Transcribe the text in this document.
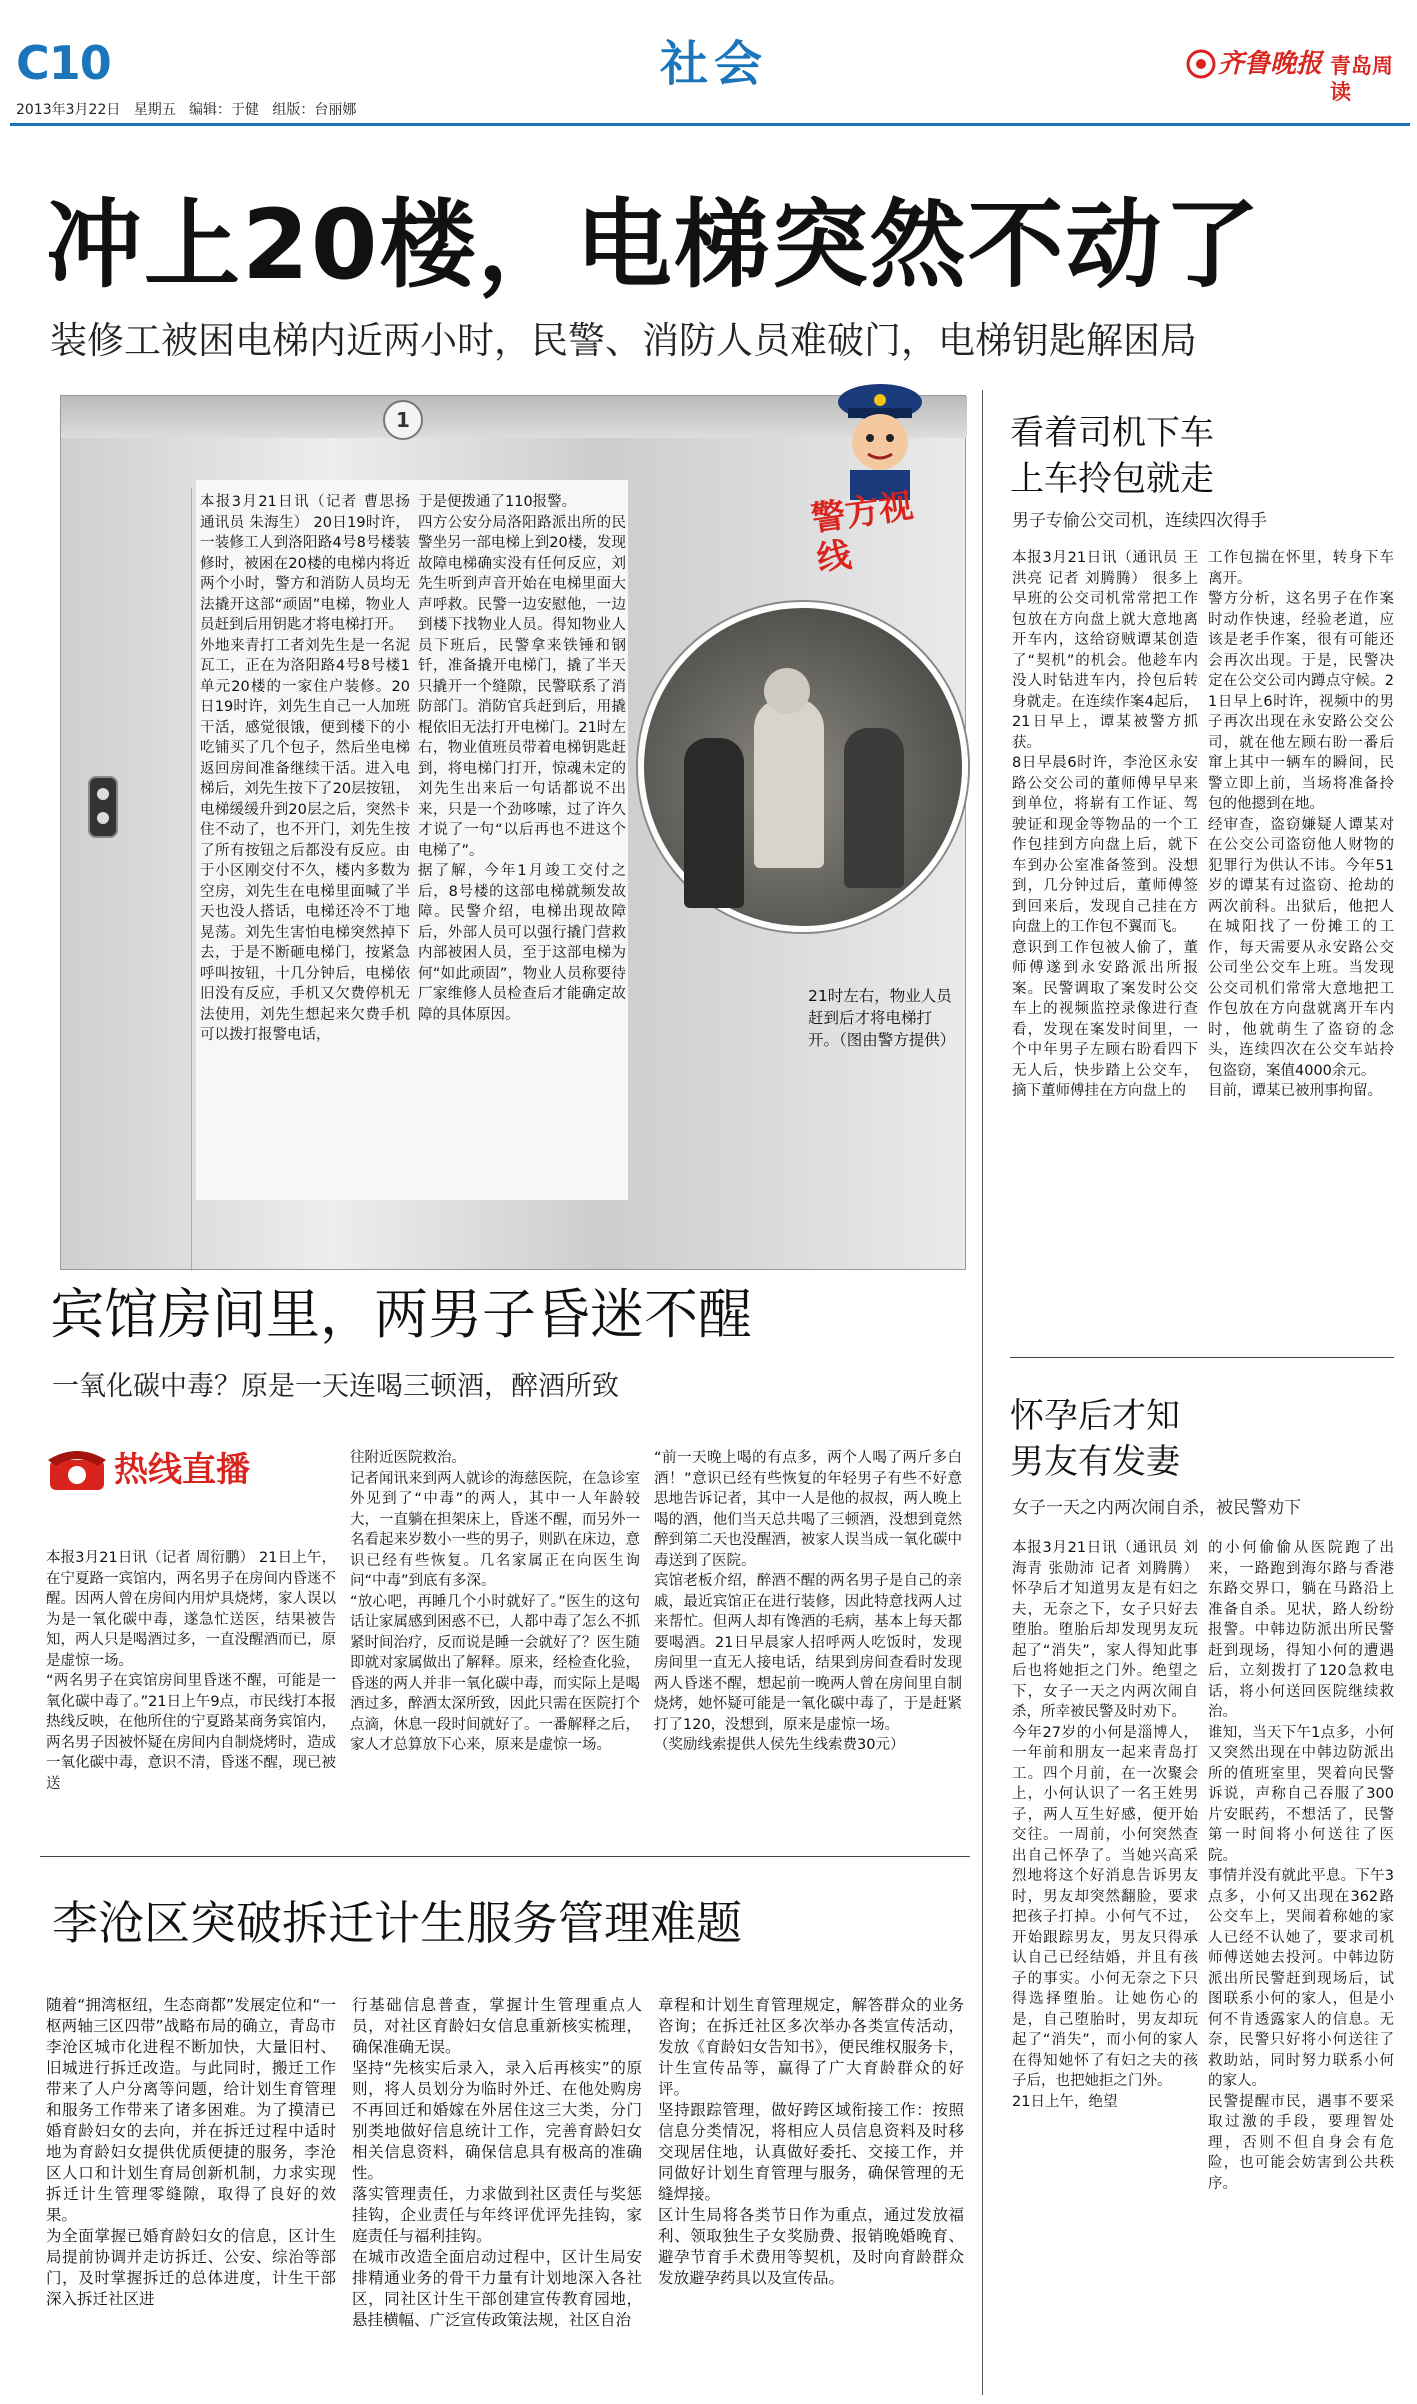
C10
2013年3月22日   星期五   编辑：于健   组版：台丽娜
社会	齐鲁晚报 青岛周读
冲上20楼，电梯突然不动了
装修工被困电梯内近两小时，民警、消防人员难破门，电梯钥匙解困局
1
本报3月21日讯（记者 曹思扬 通讯员 朱海生） 20日19时许，一装修工人到洛阳路4号8号楼装修时，被困在20楼的电梯内将近两个小时，警方和消防人员均无法撬开这部“顽固”电梯，物业人员赶到后用钥匙才将电梯打开。
外地来青打工者刘先生是一名泥瓦工，正在为洛阳路4号8号楼1单元20楼的一家住户装修。20日19时许，刘先生自己一人加班干活，感觉很饿，便到楼下的小吃铺买了几个包子，然后坐电梯返回房间准备继续干活。进入电梯后，刘先生按下了20层按钮，电梯缓缓升到20层之后，突然卡住不动了，也不开门，刘先生按了所有按钮之后都没有反应。由于小区刚交付不久，楼内多数为空房，刘先生在电梯里面喊了半天也没人搭话，电梯还冷不丁地晃荡。刘先生害怕电梯突然掉下去，于是不断砸电梯门，按紧急呼叫按钮，十几分钟后，电梯依旧没有反应，手机又欠费停机无法使用，刘先生想起来欠费手机可以拨打报警电话，
于是便拨通了110报警。
四方公安分局洛阳路派出所的民警坐另一部电梯上到20楼，发现故障电梯确实没有任何反应，刘先生听到声音开始在电梯里面大声呼救。民警一边安慰他，一边到楼下找物业人员。得知物业人员下班后，民警拿来铁锤和钢钎，准备撬开电梯门，撬了半天只撬开一个缝隙，民警联系了消防部门。消防官兵赶到后，用撬棍依旧无法打开电梯门。21时左右，物业值班员带着电梯钥匙赶到，将电梯门打开，惊魂未定的刘先生出来后一句话都说不出来，只是一个劲哆嗦，过了许久才说了一句“以后再也不进这个电梯了”。
据了解，今年1月竣工交付之后，8号楼的这部电梯就频发故障。民警介绍，电梯出现故障后，外部人员可以强行撬门营救内部被困人员，至于这部电梯为何“如此顽固”，物业人员称要待厂家维修人员检查后才能确定故障的具体原因。
警方视线
21时左右，物业人员赶到后才将电梯打开。（图由警方提供）
看着司机下车
上车拎包就走
男子专偷公交司机，连续四次得手
本报3月21日讯（通讯员 王洪亮 记者 刘腾腾） 很多上早班的公交司机常常把工作包放在方向盘上就大意地离开车内，这给窃贼谭某创造了“契机”的机会。他趁车内没人时钻进车内，拎包后转身就走。在连续作案4起后，21日早上，谭某被警方抓获。
8日早晨6时许，李沧区永安路公交公司的董师傅早早来到单位，将崭有工作证、驾驶证和现金等物品的一个工作包挂到方向盘上后，就下车到办公室准备签到。没想到，几分钟过后，董师傅签到回来后，发现自己挂在方向盘上的工作包不翼而飞。
意识到工作包被人偷了，董师傅遂到永安路派出所报案。民警调取了案发时公交车上的视频监控录像进行查看，发现在案发时间里，一个中年男子左顾右盼看四下无人后，快步踏上公交车，摘下董师傅挂在方向盘上的
工作包揣在怀里，转身下车离开。
警方分析，这名男子在作案时动作快速，经验老道，应该是老手作案，很有可能还会再次出现。于是，民警决定在公交公司内蹲点守候。21日早上6时许，视频中的男子再次出现在永安路公交公司，就在他左顾右盼一番后窜上其中一辆车的瞬间，民警立即上前，当场将准备拎包的他摁到在地。
经审查，盗窃嫌疑人谭某对在公交公司盗窃他人财物的犯罪行为供认不讳。今年51岁的谭某有过盗窃、抢劫的两次前科。出狱后，他把人在城阳找了一份摊工的工作，每天需要从永安路公交公司坐公交车上班。当发现公交司机们常常大意地把工作包放在方向盘就离开车内时，他就萌生了盗窃的念头，连续四次在公交车站拎包盗窃，案值4000余元。
目前，谭某已被刑事拘留。
怀孕后才知
男友有发妻
女子一天之内两次闹自杀，被民警劝下
本报3月21日讯（通讯员 刘海青 张勋沛 记者 刘腾腾） 怀孕后才知道男友是有妇之夫，无奈之下，女子只好去堕胎。堕胎后却发现男友玩起了“消失”，家人得知此事后也将她拒之门外。绝望之下，女子一天之内两次闹自杀，所幸被民警及时劝下。
今年27岁的小何是淄博人，一年前和朋友一起来青岛打工。四个月前，在一次聚会上，小何认识了一名王姓男子，两人互生好感，便开始交往。一周前，小何突然查出自己怀孕了。当她兴高采烈地将这个好消息告诉男友时，男友却突然翻脸，要求把孩子打掉。小何气不过，开始跟踪男友，男友只得承认自己已经结婚，并且有孩子的事实。小何无奈之下只得选择堕胎。让她伤心的是，自己堕胎时，男友却玩起了“消失”，而小何的家人在得知她怀了有妇之夫的孩子后，也把她拒之门外。
21日上午，绝望
的小何偷偷从医院跑了出来，一路跑到海尔路与香港东路交界口，躺在马路沿上准备自杀。见状，路人纷纷报警。中韩边防派出所民警赶到现场，得知小何的遭遇后，立刻拨打了120急救电话，将小何送回医院继续救治。
谁知，当天下午1点多，小何又突然出现在中韩边防派出所的值班室里，哭着向民警诉说，声称自己吞服了300片安眠药，不想活了，民警第一时间将小何送往了医院。
事情并没有就此平息。下午3点多，小何又出现在362路公交车上，哭闹着称她的家人已经不认她了，要求司机师傅送她去投河。中韩边防派出所民警赶到现场后，试图联系小何的家人，但是小何不肯透露家人的信息。无奈，民警只好将小何送往了救助站，同时努力联系小何的家人。
民警提醒市民，遇事不要采取过激的手段，要理智处理，否则不但自身会有危险，也可能会妨害到公共秩序。
宾馆房间里，两男子昏迷不醒
一氧化碳中毒？原是一天连喝三顿酒，醉酒所致
热线直播
本报3月21日讯（记者 周衍鹏） 21日上午，在宁夏路一宾馆内，两名男子在房间内昏迷不醒。因两人曾在房间内用炉具烧烤，家人误以为是一氧化碳中毒，遂急忙送医，结果被告知，两人只是喝酒过多，一直没醒酒而已，原是虚惊一场。
“两名男子在宾馆房间里昏迷不醒，可能是一氧化碳中毒了。”21日上午9点，市民线打本报热线反映，在他所住的宁夏路某商务宾馆内，两名男子因被怀疑在房间内自制烧烤时，造成一氧化碳中毒，意识不清，昏迷不醒，现已被送
往附近医院救治。
记者闻讯来到两人就诊的海慈医院，在急诊室外见到了“中毒”的两人，其中一人年龄较大，一直躺在担架床上，昏迷不醒，而另外一名看起来岁数小一些的男子，则趴在床边，意识已经有些恢复。几名家属正在向医生询问“中毒”到底有多深。
“放心吧，再睡几个小时就好了。”医生的这句话让家属感到困惑不已，人都中毒了怎么不抓紧时间治疗，反而说是睡一会就好了？医生随即就对家属做出了解释。原来，经检查化验，昏迷的两人并非一氧化碳中毒，而实际上是喝酒过多，醉酒太深所致，因此只需在医院打个点滴，休息一段时间就好了。一番解释之后，家人才总算放下心来，原来是虚惊一场。
“前一天晚上喝的有点多，两个人喝了两斤多白酒！”意识已经有些恢复的年轻男子有些不好意思地告诉记者，其中一人是他的叔叔，两人晚上喝的酒，他们当天总共喝了三顿酒，没想到竟然醉到第二天也没醒酒，被家人误当成一氧化碳中毒送到了医院。
宾馆老板介绍，醉酒不醒的两名男子是自己的亲戚，最近宾馆正在进行装修，因此特意找两人过来帮忙。但两人却有馋酒的毛病，基本上每天都要喝酒。21日早晨家人招呼两人吃饭时，发现房间里一直无人接电话，结果到房间查看时发现两人昏迷不醒，想起前一晚两人曾在房间里自制烧烤，她怀疑可能是一氧化碳中毒了，于是赶紧打了120，没想到，原来是虚惊一场。
（奖励线索提供人侯先生线索费30元）
李沧区突破拆迁计生服务管理难题
随着“拥湾枢纽，生态商都”发展定位和“一枢两轴三区四带”战略布局的确立，青岛市李沧区城市化进程不断加快，大量旧村、旧城进行拆迁改造。与此同时，搬迁工作带来了人户分离等问题，给计划生育管理和服务工作带来了诸多困难。为了摸清已婚育龄妇女的去向，并在拆迁过程中适时地为育龄妇女提供优质便捷的服务，李沧区人口和计划生育局创新机制，力求实现拆迁计生管理零缝隙，取得了良好的效果。
为全面掌握已婚育龄妇女的信息，区计生局提前协调并走访拆迁、公安、综治等部门，及时掌握拆迁的总体进度，计生干部深入拆迁社区进
行基础信息普查，掌握计生管理重点人员，对社区育龄妇女信息重新核实梳理，确保准确无误。
坚持“先核实后录入，录入后再核实”的原则，将人员划分为临时外迁、在他处购房不再回迁和婚嫁在外居住这三大类，分门别类地做好信息统计工作，完善育龄妇女相关信息资料，确保信息具有极高的准确性。
落实管理责任，力求做到社区责任与奖惩挂钩，企业责任与年终评优评先挂钩，家庭责任与福利挂钩。
在城市改造全面启动过程中，区计生局安排精通业务的骨干力量有计划地深入各社区，同社区计生干部创建宣传教育园地，悬挂横幅、广泛宣传政策法规，社区自治
章程和计划生育管理规定，解答群众的业务咨询；在拆迁社区多次举办各类宣传活动，发放《育龄妇女告知书》，便民维权服务卡，计生宣传品等，赢得了广大育龄群众的好评。
坚持跟踪管理，做好跨区域衔接工作：按照信息分类情况，将相应人员信息资料及时移交现居住地，认真做好委托、交接工作，并同做好计划生育管理与服务，确保管理的无缝焊接。
区计生局将各类节日作为重点，通过发放福利、领取独生子女奖励费、报销晚婚晚育、避孕节育手术费用等契机，及时向育龄群众发放避孕药具以及宣传品。
